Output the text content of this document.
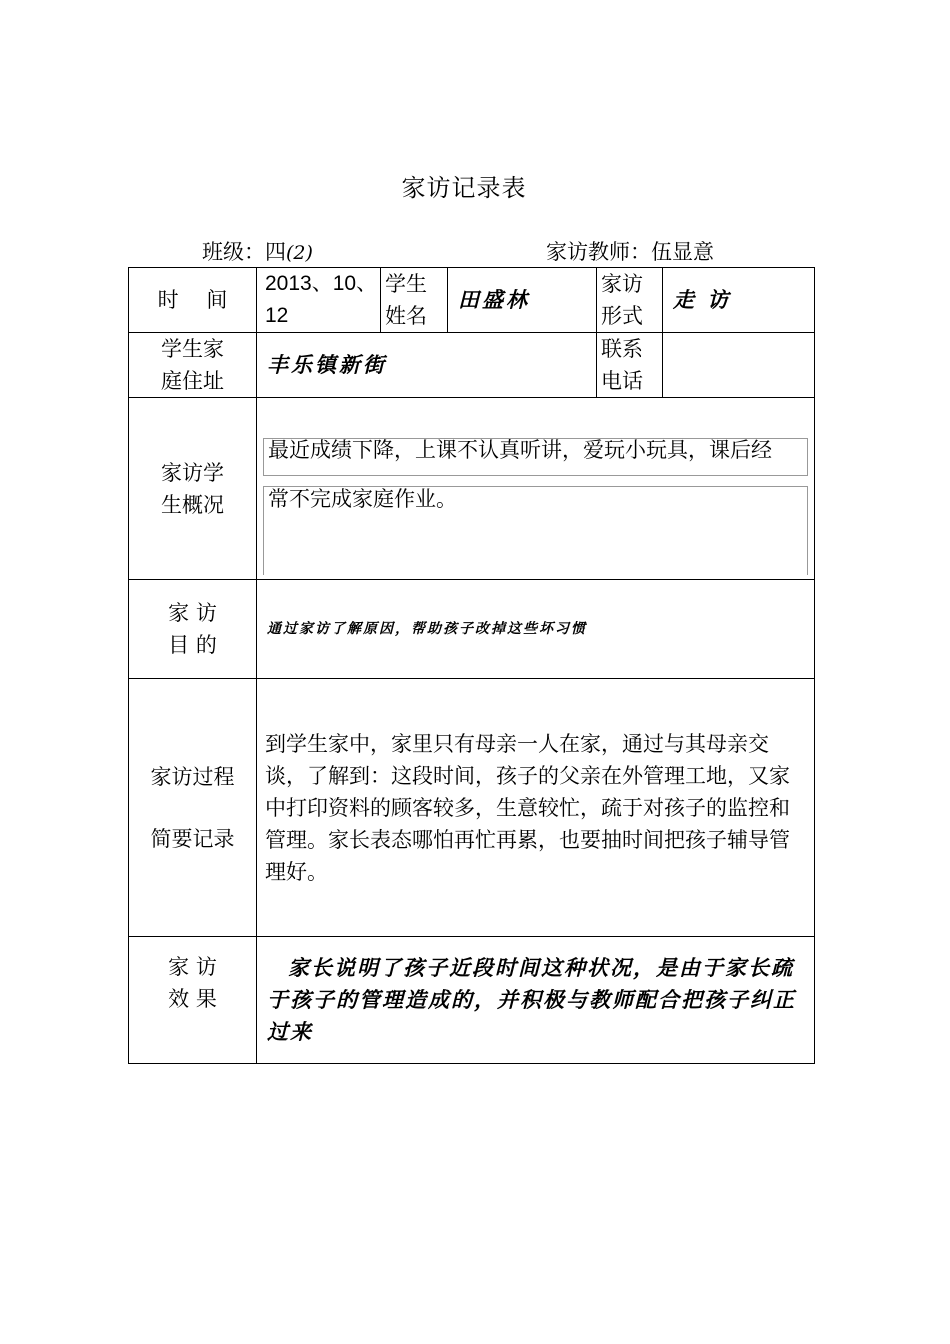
家访记录表
班级：四(2)	家访教师：伍显意
时　 间	2013、10、12	学生姓名	田盛林	家访形式	走 访
学生家庭住址	丰乐镇新街			联系电话	
家访学生概况	最近成绩下降，上课不认真听讲，爱玩小玩具，课后经
常不完成家庭作业。				

家 访
目 的	通过家访了解原因，帮助孩子改掉这些坏习惯				

家访过程
简要记录	到学生家中，家里只有母亲一人在家，通过与其母亲交谈，了解到：这段时间，孩子的父亲在外管理工地，又家中打印资料的顾客较多，生意较忙，疏于对孩子的监控和管理。家长表态哪怕再忙再累，也要抽时间把孩子辅导管理好。				

家 访
效 果	家长说明了孩子近段时间这种状况，是由于家长疏于孩子的管理造成的，并积极与教师配合把孩子纠正过来				
